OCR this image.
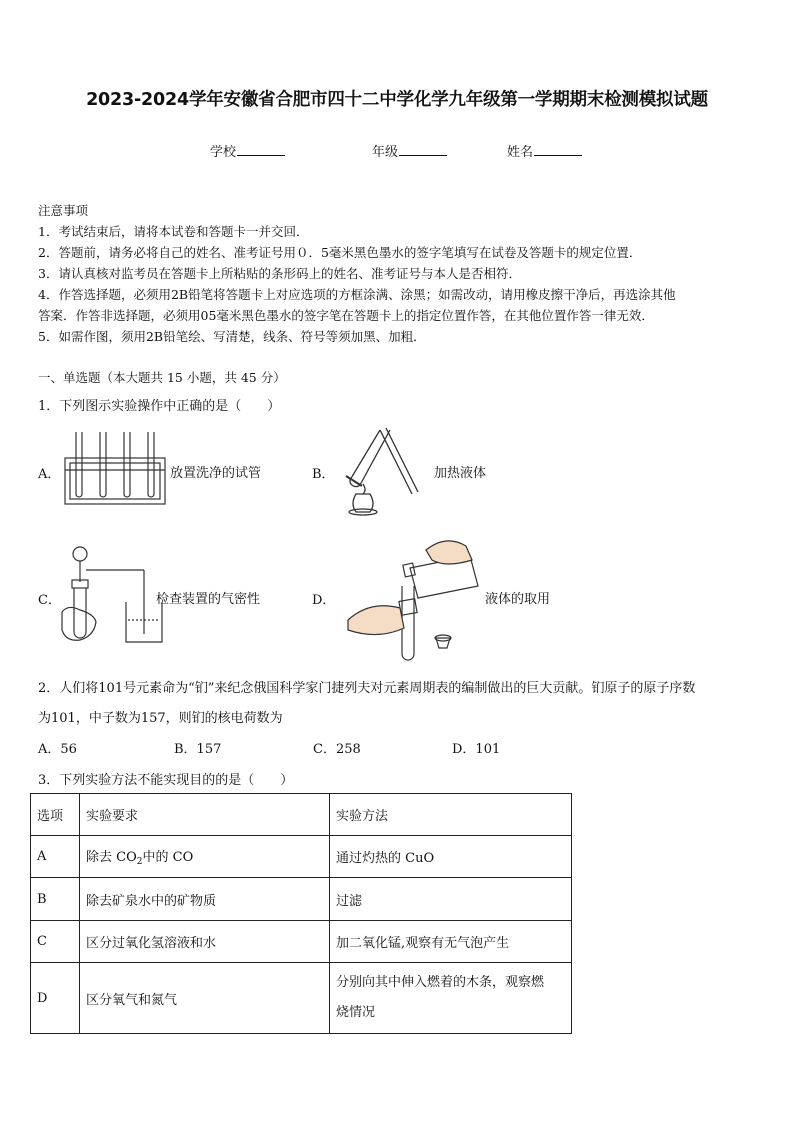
2023-2024学年安徽省合肥市四十二中学化学九年级第一学期期末检测模拟试题
学校	年级	姓名
注意事项
1．考试结束后，请将本试卷和答题卡一并交回．
2．答题前，请务必将自己的姓名、准考证号用０．5毫米黑色墨水的签字笔填写在试卷及答题卡的规定位置．
3．请认真核对监考员在答题卡上所粘贴的条形码上的姓名、准考证号与本人是否相符．
4．作答选择题，必须用2B铅笔将答题卡上对应选项的方框涂满、涂黑；如需改动，请用橡皮擦干净后，再选涂其他
答案．作答非选择题，必须用05毫米黑色墨水的签字笔在答题卡上的指定位置作答，在其他位置作答一律无效．
5．如需作图，须用2B铅笔绘、写清楚，线条、符号等须加黑、加粗．
一、单选题（本大题共 15 小题，共 45 分）
1．下列图示实验操作中正确的是（　　）
A．	放置洗净的试管	B．	加热液体
C．	检查装置的气密性	D．	液体的取用
2．人们将101号元素命为“钔”来纪念俄国科学家门捷列夫对元素周期表的编制做出的巨大贡献。钔原子的原子序数
为101，中子数为157，则钔的核电荷数为
A．56	B．157	C．258	D．101
3．下列实验方法不能实现目的的是（　　）
选项	实验要求	实验方法
A	除去 $CO_2$中的 CO	通过灼热的 CuO
B	除去矿泉水中的矿物质	过滤
C	区分过氧化氢溶液和水	加二氧化锰,观察有无气泡产生
D	区分氧气和氮气	分别向其中伸入燃着的木条，观察燃
烧情况
